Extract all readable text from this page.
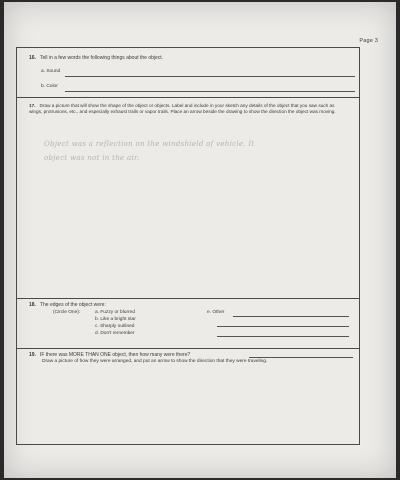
Page 3
16. Tell in a few words the following things about the object.
a. Sound
b. Color
17. Draw a picture that will show the shape of the object or objects. Label and include in your sketch any details of the object that you saw such as wings, protrusions, etc., and especially exhaust trails or vapor trails. Place an arrow beside the drawing to show the direction the object was moving.
Object was a reflection on the windshield of vehicle. It
object was not in the air.
18. The edges of the object were:
(Circle One):	a. Fuzzy or blurred
b. Like a bright star
c. Sharply outlined
d. Don't remember
e. Other
19. IF there was MORE THAN ONE object, then how many were there?
Draw a picture of how they were arranged, and put an arrow to show the direction that they were traveling.
